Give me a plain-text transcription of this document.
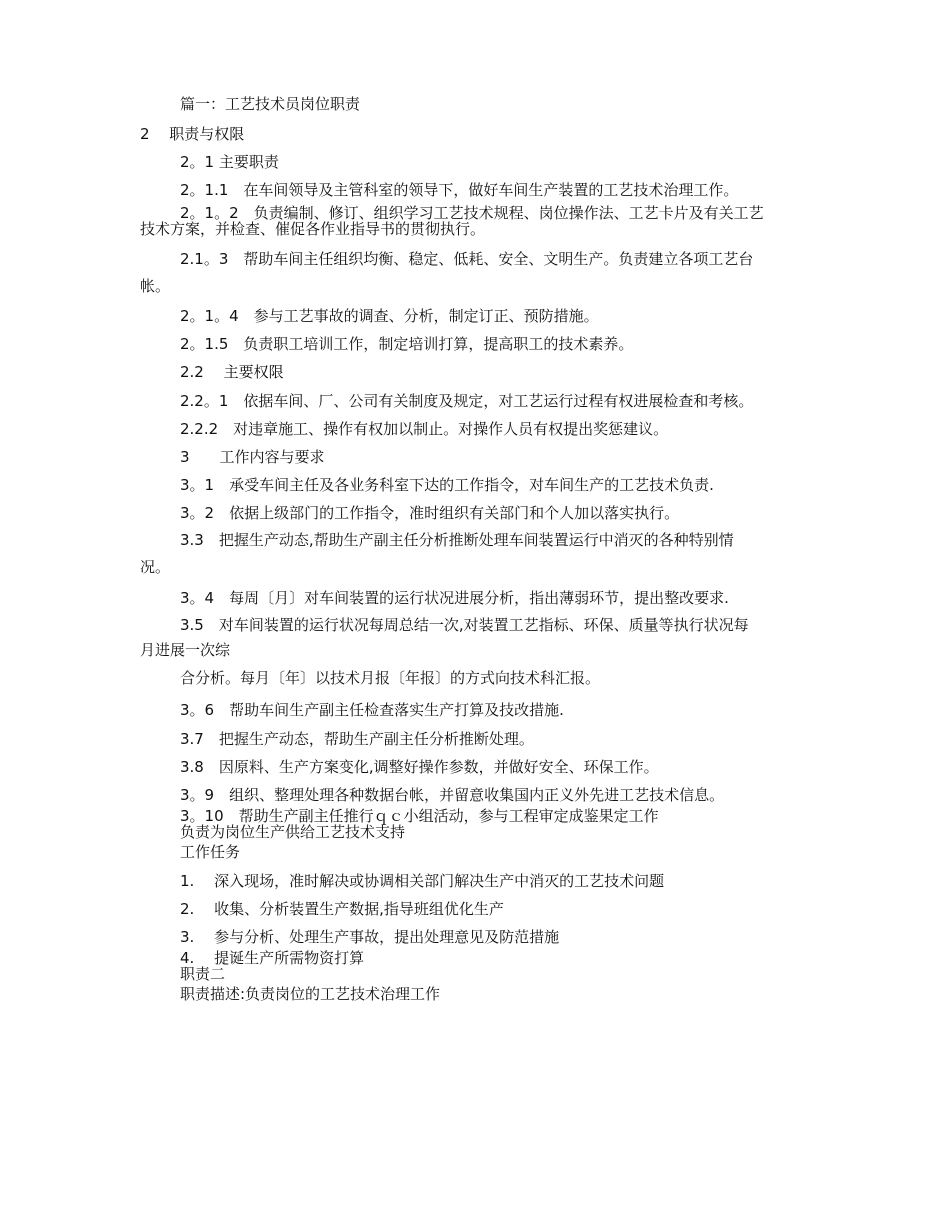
篇一：工艺技术员岗位职责
2　 职责与权限
2。1 主要职责
2。1.1　在车间领导及主管科室的领导下，做好车间生产装置的工艺技术治理工作。
2。1。2　负责编制、修订、组织学习工艺技术规程、岗位操作法、工艺卡片及有关工艺
技术方案，并检查、催促各作业指导书的贯彻执行。
2.1。3　帮助车间主任组织均衡、稳定、低耗、安全、文明生产。负责建立各项工艺台
帐。
2。1。4　参与工艺事故的调查、分析，制定订正、预防措施。
2。1.5　负责职工培训工作，制定培训打算，提高职工的技术素养。
2.2　 主要权限
2.2。1　依据车间、厂、公司有关制度及规定，对工艺运行过程有权进展检查和考核。
2.2.2　对违章施工、操作有权加以制止。对操作人员有权提出奖惩建议。
3　　工作内容与要求
3。1　承受车间主任及各业务科室下达的工作指令，对车间生产的工艺技术负责.
3。2　依据上级部门的工作指令，准时组织有关部门和个人加以落实执行。
3.3　把握生产动态,帮助生产副主任分析推断处理车间装置运行中消灭的各种特别情
况。
3。4　每周〔月〕对车间装置的运行状况进展分析，指出薄弱环节，提出整改要求.
3.5　对车间装置的运行状况每周总结一次,对装置工艺指标、环保、质量等执行状况每
月进展一次综
合分析。每月〔年〕以技术月报〔年报〕的方式向技术科汇报。
3。6　帮助车间生产副主任检查落实生产打算及技改措施.
3.7　把握生产动态，帮助生产副主任分析推断处理。
3.8　因原料、生产方案变化,调整好操作参数，并做好安全、环保工作。
3。9　组织、整理处理各种数据台帐，并留意收集国内正义外先进工艺技术信息。
3。10　帮助生产副主任推行ｑｃ小组活动，参与工程审定成鉴果定工作
负责为岗位生产供给工艺技术支持
工作任务
1.　 深入现场，准时解决或协调相关部门解决生产中消灭的工艺技术问题
2.　 收集、分析装置生产数据,指导班组优化生产
3.　 参与分析、处理生产事故，提出处理意见及防范措施
4.　 提诞生产所需物资打算
职责二
职责描述:负责岗位的工艺技术治理工作
